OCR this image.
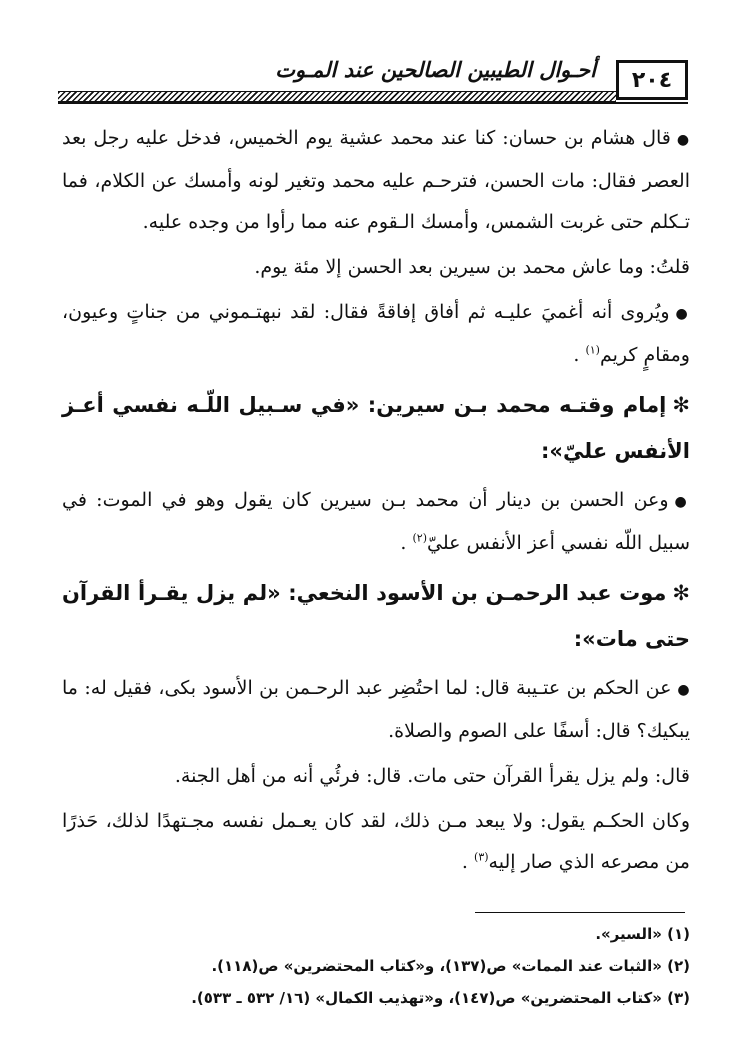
٢٠٤
أحـوال الطيبين الصالحين عند المـوت

●قال هشام بن حسان: كنا عند محمد عشية يوم الخميس، فدخل عليه رجل بعد العصر فقال: مات الحسن، فترحـم عليه محمد وتغير لونه وأمسك عن الكلام، فما تـكلم حتى غربت الشمس، وأمسك الـقوم عنه مما رأوا من وجده عليه.

قلتُ: وما عاش محمد بن سيرين بعد الحسن إلا مئة يوم.

●ويُروى أنه أغميَ عليـه ثم أفاق إفاقةً فقال: لقد نبهتـموني من جناتٍ وعيون، ومقامٍ كريم$^{(١)}$ .

✻إمام وقتـه محمد بـن سيرين: «في سـبيل اللّـه نفسي أعـز الأنفس عليّ»:

●وعن الحسن بن دينار أن محمد بـن سيرين كان يقول وهو في الموت: في سبيل اللّه نفسي أعز الأنفس عليّ$^{(٢)}$ .

✻موت عبد الرحمـن بن الأسود النخعي: «لم يزل يقـرأ القرآن حتى مات»:

●عن الحكم بن عتـيبة قال: لما احتُضِر عبد الرحـمن بن الأسود بكى، فقيل له: ما يبكيك؟ قال: أسفًا على الصوم والصلاة.

قال: ولم يزل يقرأ القرآن حتى مات. قال: فرئُي أنه من أهل الجنة.

وكان الحكـم يقول: ولا يبعد مـن ذلك، لقد كان يعـمل نفسه مجـتهدًا لذلك، حَذرًا من مصرعه الذي صار إليه$^{(٣)}$ .

(١) «السير».

(٢) «الثبات عند الممات» ص(١٣٧)، و«كتاب المحتضرين» ص(١١٨).

(٣) «كتاب المحتضرين» ص(١٤٧)، و«تهذيب الكمال» (١٦/ ٥٣٢ ـ ٥٣٣).
